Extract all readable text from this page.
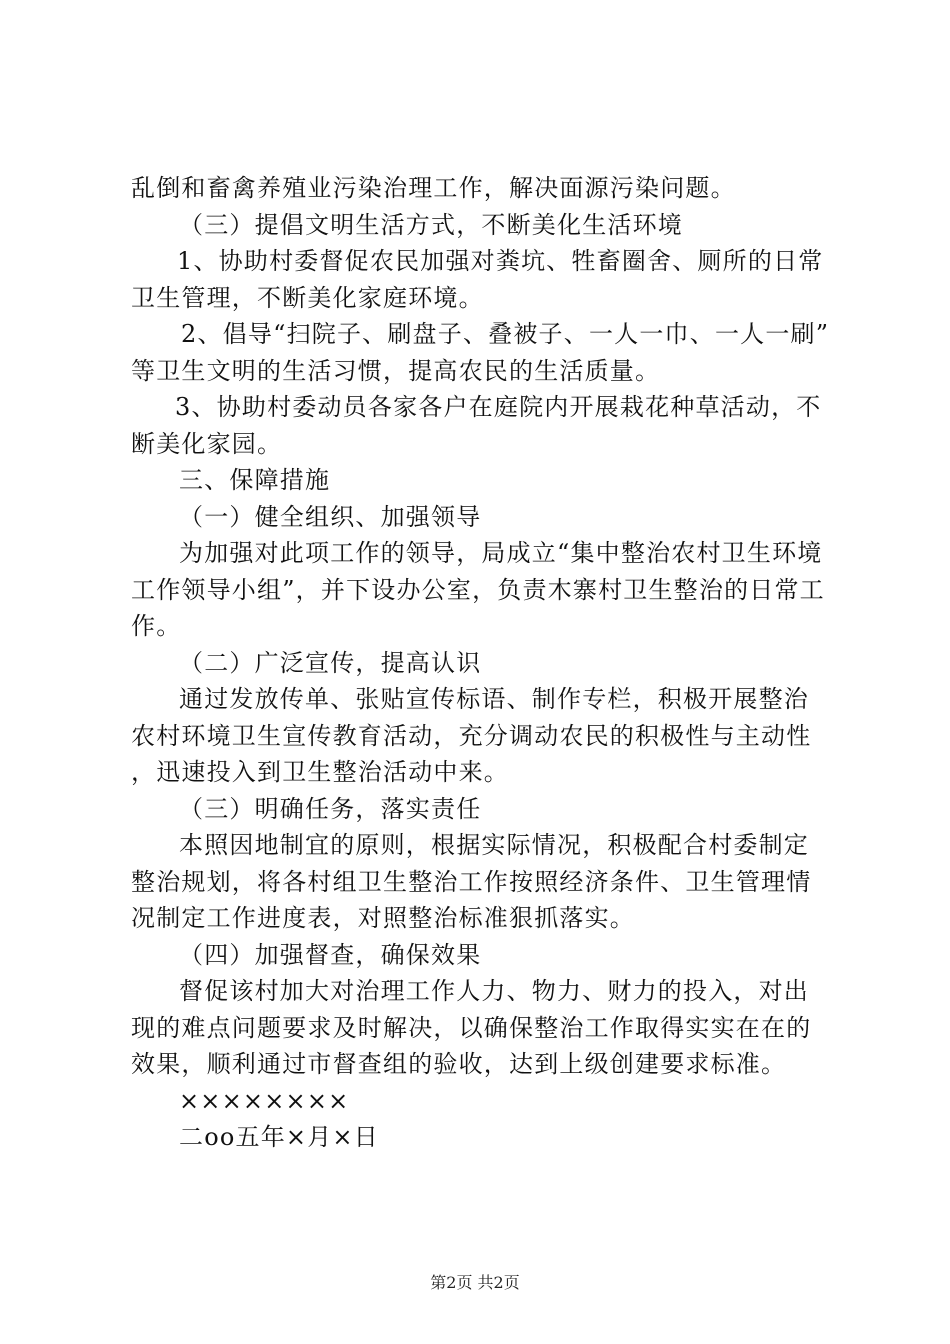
乱倒和畜禽养殖业污染治理工作，解决面源污染问题。

（三）提倡文明生活方式，不断美化生活环境

1、协助村委督促农民加强对粪坑、牲畜圈舍、厕所的日常卫生管理，不断美化家庭环境。

2、倡导“扫院子、刷盘子、叠被子、一人一巾、一人一刷”等卫生文明的生活习惯，提高农民的生活质量。

3、协助村委动员各家各户在庭院内开展栽花种草活动，不断美化家园。

三、保障措施

（一）健全组织、加强领导

为加强对此项工作的领导，局成立“集中整治农村卫生环境工作领导小组”，并下设办公室，负责木寨村卫生整治的日常工作。

（二）广泛宣传，提高认识

通过发放传单、张贴宣传标语、制作专栏，积极开展整治农村环境卫生宣传教育活动，充分调动农民的积极性与主动性，迅速投入到卫生整治活动中来。

（三）明确任务，落实责任

本照因地制宜的原则，根据实际情况，积极配合村委制定整治规划，将各村组卫生整治工作按照经济条件、卫生管理情况制定工作进度表，对照整治标准狠抓落实。

（四）加强督查，确保效果

督促该村加大对治理工作人力、物力、财力的投入，对出现的难点问题要求及时解决，以确保整治工作取得实实在在的效果，顺利通过市督查组的验收，达到上级创建要求标准。

××××××××

二oo五年×月×日

第2页 共2页
